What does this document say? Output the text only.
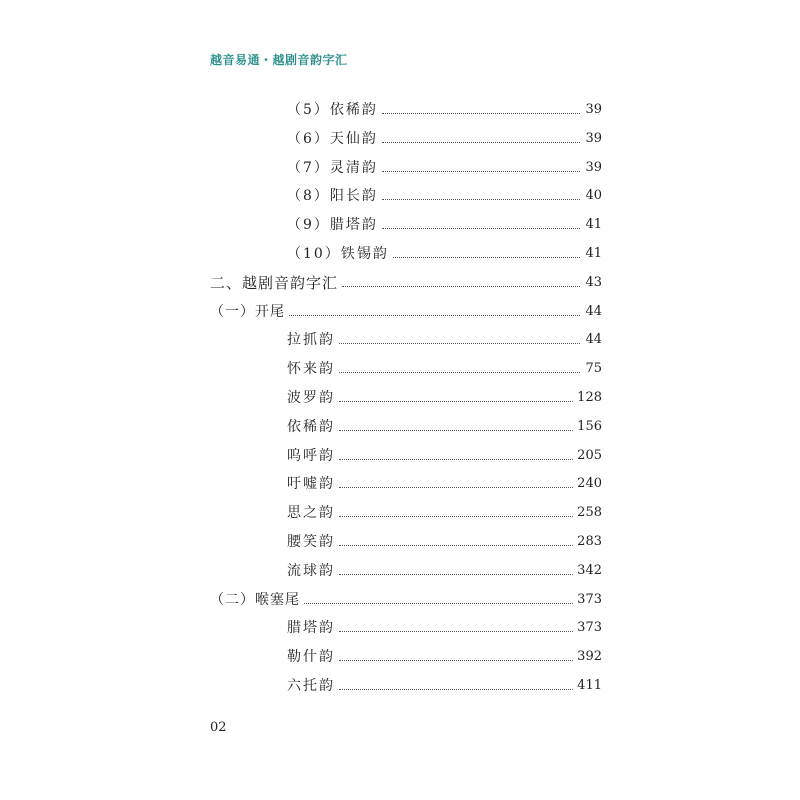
越音易通・越剧音韵字汇
（5）依稀韵	39
（6）天仙韵	39
（7）灵清韵	39
（8）阳长韵	40
（9）腊塔韵	41
（10）铁锡韵	41
二、越剧音韵字汇	43
（一）开尾	44
拉抓韵	44
怀来韵	75
波罗韵	128
依稀韵	156
呜呼韵	205
吁嘘韵	240
思之韵	258
腰笑韵	283
流球韵	342
（二）喉塞尾	373
腊塔韵	373
勒什韵	392
六托韵	411
02
